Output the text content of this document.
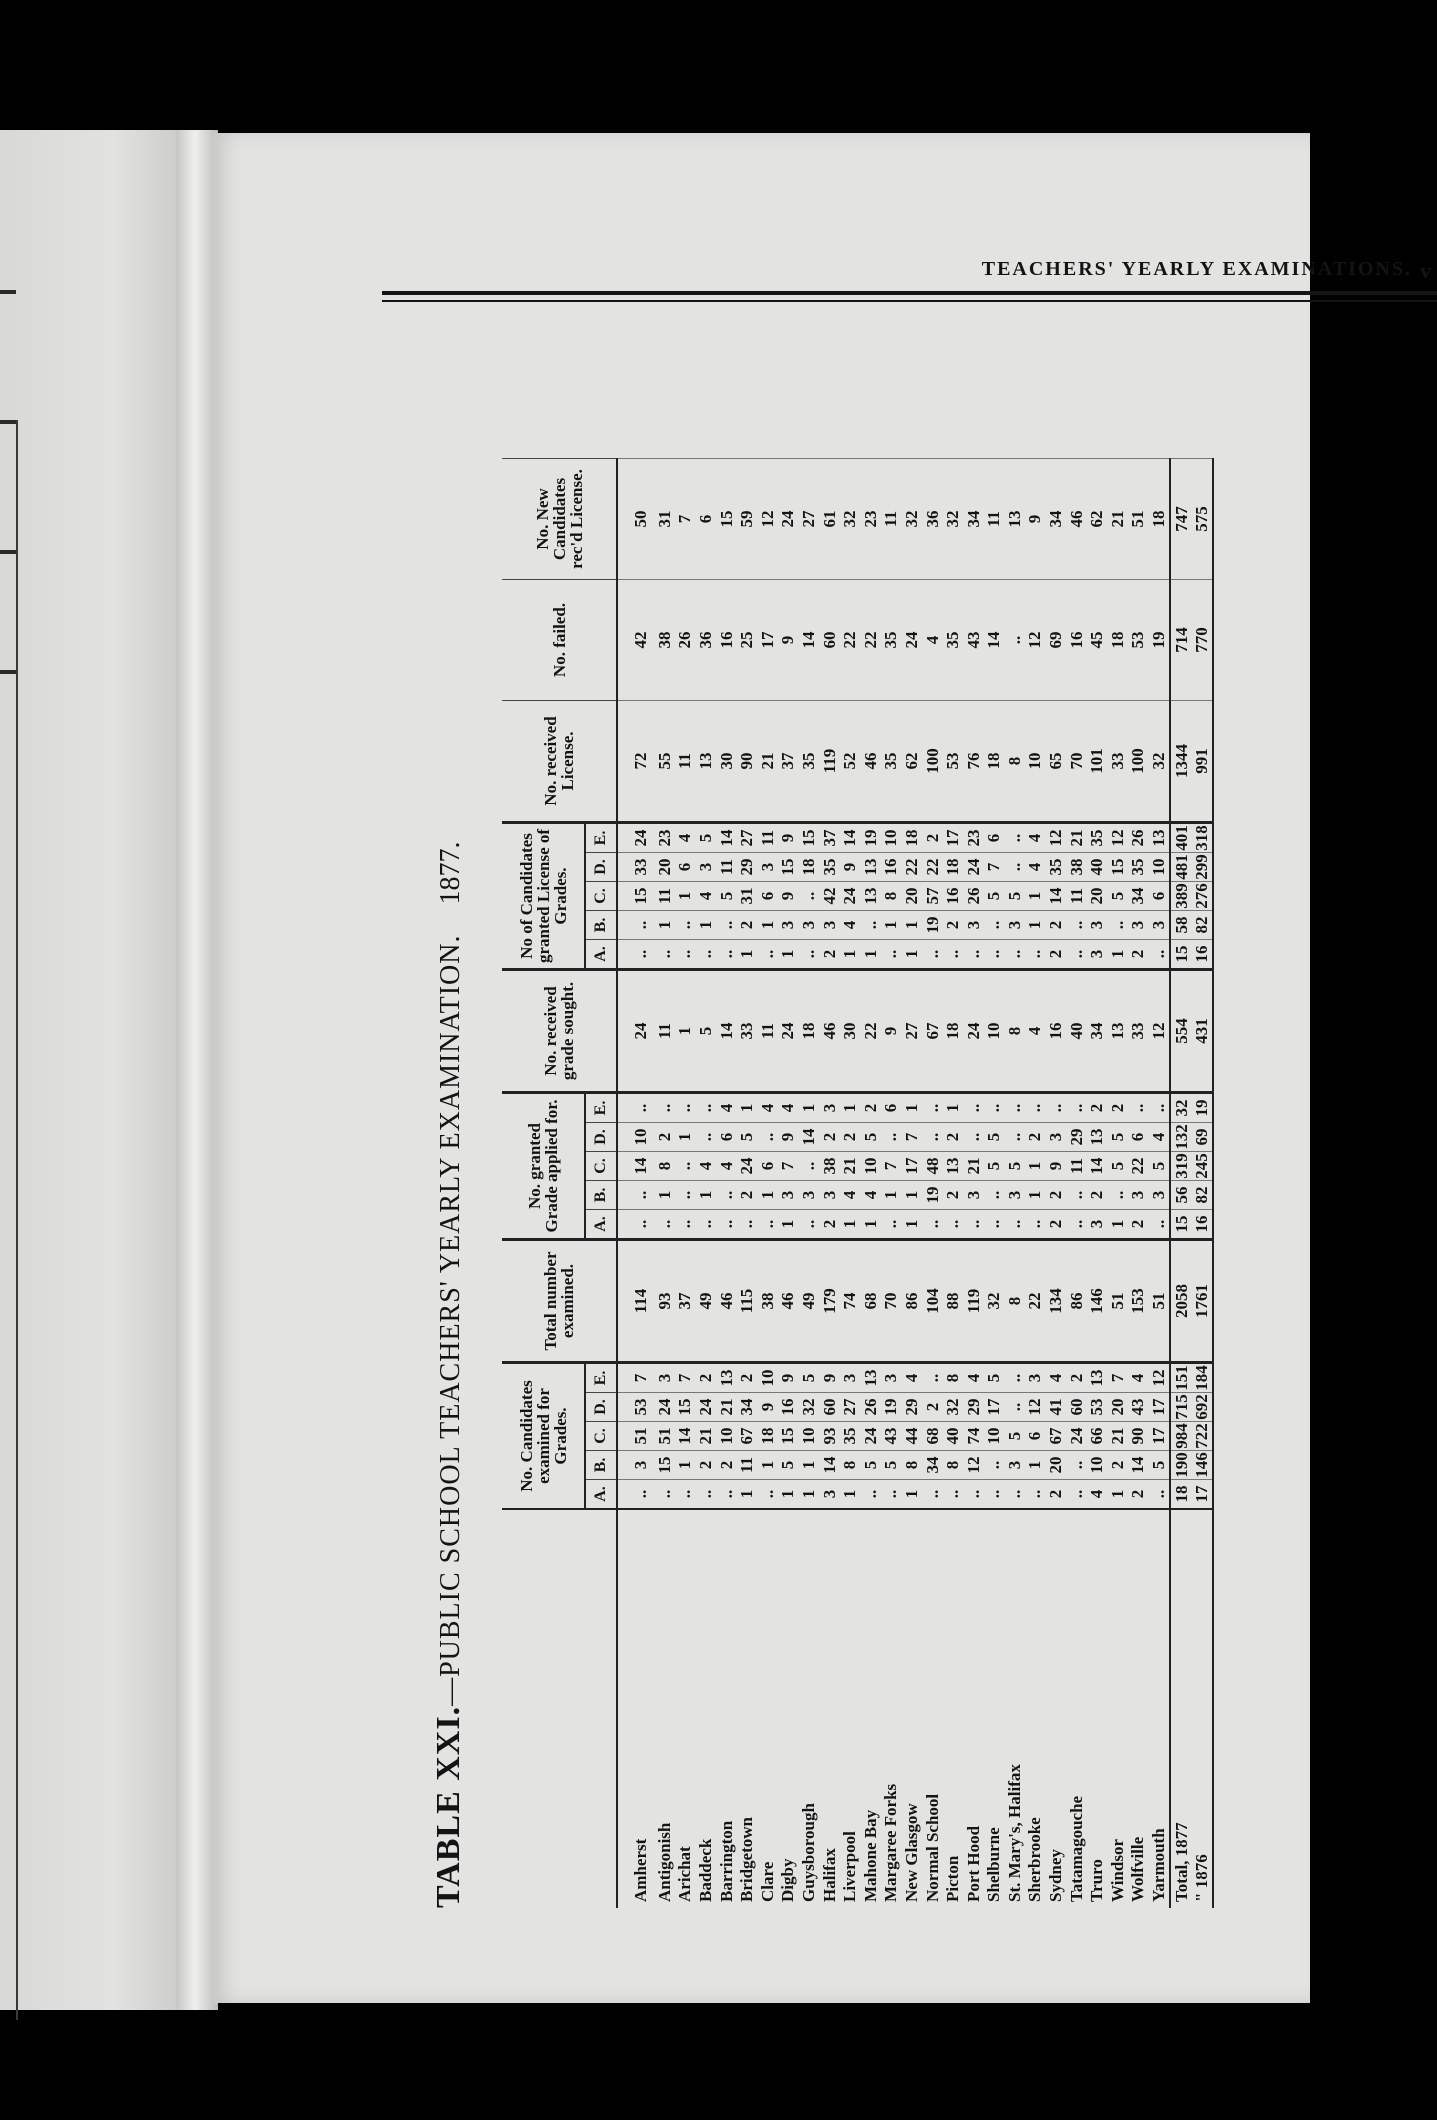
TEACHERS' YEARLY EXAMINATIONS. v
TABLE XXI.—PUBLIC SCHOOL TEACHERS' YEARLY EXAMINATION.1877.
	No. Candidates examined for Grades.					Total number examined.	No. granted Grade applied for.					No. received grade sought.	No of Candidates granted License of Grades.					No. received License.	No. failed.	No. New Candidates rec'd License.
	A.	B.	C.	D.	E.		A.	B.	C.	D.	E.		A.	B.	C.	D.	E.			
Amherst	..	3	51	53	7	114	..	..	14	10	..	24	..	..	15	33	24	72	42	50
Antigonish	..	15	51	24	3	93	..	1	8	2	..	11	..	1	11	20	23	55	38	31
Arichat	..	1	14	15	7	37	..	..	..	1	..	1	..	..	1	6	4	11	26	7
Baddeck	..	2	21	24	2	49	..	1	4	..	..	5	..	1	4	3	5	13	36	6
Barrington	..	2	10	21	13	46	..	..	4	6	4	14	..	..	5	11	14	30	16	15
Bridgetown	1	11	67	34	2	115	..	2	24	5	1	33	1	2	31	29	27	90	25	59
Clare	..	1	18	9	10	38	..	1	6	..	4	11	..	1	6	3	11	21	17	12
Digby	1	5	15	16	9	46	1	3	7	9	4	24	1	3	9	15	9	37	9	24
Guysborough	1	1	10	32	5	49	..	3	..	14	1	18	..	3	..	18	15	35	14	27
Halifax	3	14	93	60	9	179	2	3	38	2	3	46	2	3	42	35	37	119	60	61
Liverpool	1	8	35	27	3	74	1	4	21	2	1	30	1	4	24	9	14	52	22	32
Mahone Bay	..	5	24	26	13	68	1	4	10	5	2	22	1	..	13	13	19	46	22	23
Margaree Forks	..	5	43	19	3	70	..	1	7	..	6	9	..	1	8	16	10	35	35	11
New Glasgow	1	8	44	29	4	86	1	1	17	7	1	27	1	1	20	22	18	62	24	32
Normal School	..	34	68	2	..	104	..	19	48	..	..	67	..	19	57	22	2	100	4	36
Picton	..	8	40	32	8	88	..	2	13	2	1	18	..	2	16	18	17	53	35	32
Port Hood	..	12	74	29	4	119	..	3	21	..	..	24	..	3	26	24	23	76	43	34
Shelburne	..	..	10	17	5	32	..	..	5	5	..	10	..	..	5	7	6	18	14	11
St. Mary's, Halifax	..	3	5	..	..	8	..	3	5	..	..	8	..	3	5	..	..	8	..	13
Sherbrooke	..	1	6	12	3	22	..	1	1	2	..	4	..	1	1	4	4	10	12	9
Sydney	2	20	67	41	4	134	2	2	9	3	..	16	2	2	14	35	12	65	69	34
Tatamagouche	..	..	24	60	2	86	..	..	11	29	..	40	..	..	11	38	21	70	16	46
Truro	4	10	66	53	13	146	3	2	14	13	2	34	3	3	20	40	35	101	45	62
Windsor	1	2	21	20	7	51	1	..	5	5	2	13	1	..	5	15	12	33	18	21
Wolfville	2	14	90	43	4	153	2	3	22	6	..	33	2	3	34	35	26	100	53	51
Yarmouth	..	5	17	17	12	51	..	3	5	4	..	12	..	3	6	10	13	32	19	18
Total, 1877	18	190	984	715	151	2058	15	56	319	132	32	554	15	58	389	481	401	1344	714	747
" 1876	17	146	722	692	184	1761	16	82	245	69	19	431	16	82	276	299	318	991	770	575
